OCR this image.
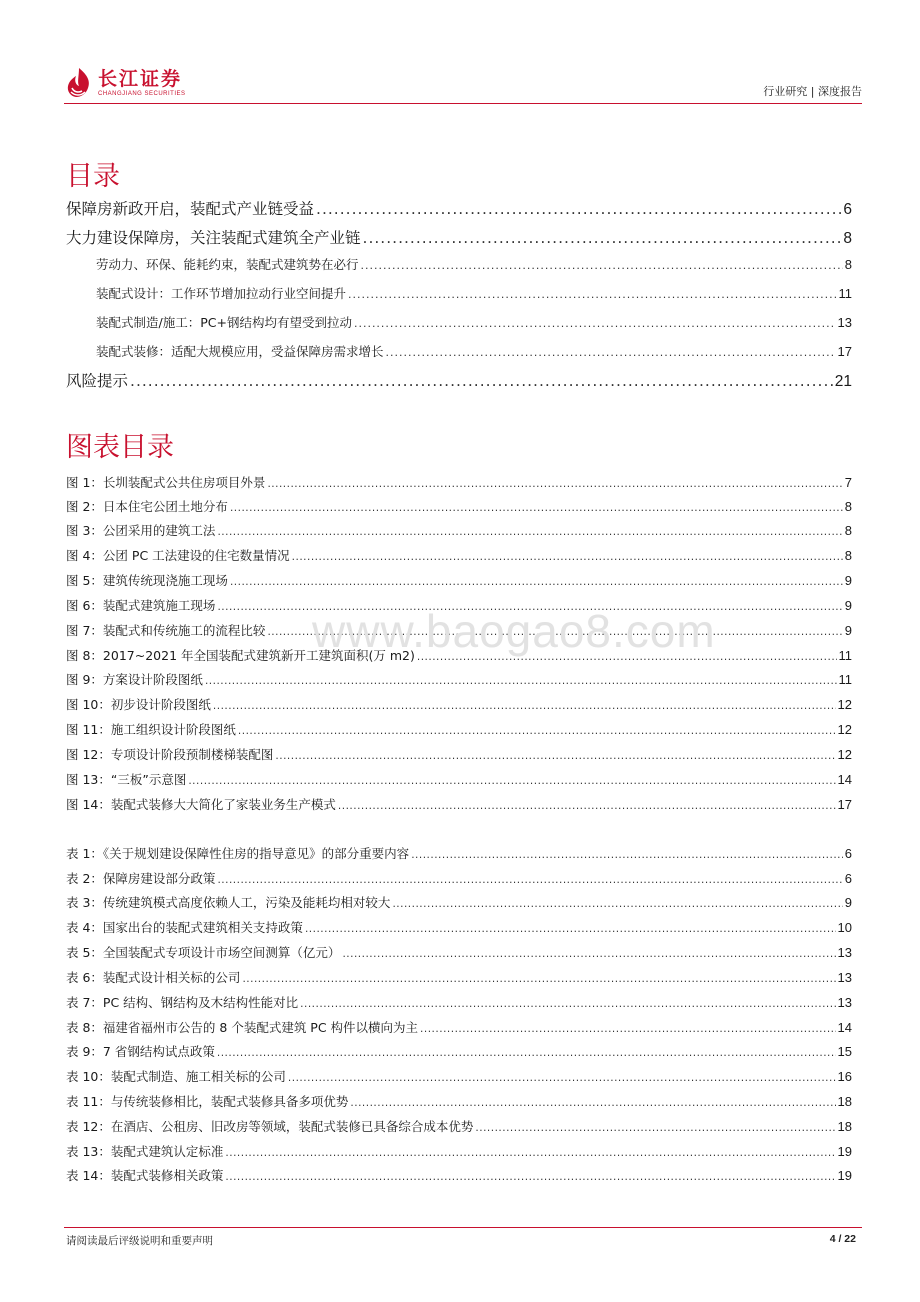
长江证券
CHANGJIANG SECURITIES	行业研究 | 深度报告
目录
保障房新政开启，装配式产业链受益 .....	6
大力建设保障房，关注装配式建筑全产业链 .....	8
劳动力、环保、能耗约束，装配式建筑势在必行 .....	8
装配式设计：工作环节增加拉动行业空间提升 .....	11
装配式制造/施工：PC+钢结构均有望受到拉动 .....	13
装配式装修：适配大规模应用，受益保障房需求增长 .....	17
风险提示 .....	21
图表目录
图 1：长圳装配式公共住房项目外景 .....	7
图 2：日本住宅公团土地分布 .....	8
图 3：公团采用的建筑工法 .....	8
图 4：公团 PC 工法建设的住宅数量情况 .....	8
图 5：建筑传统现浇施工现场 .....	9
图 6：装配式建筑施工现场 .....	9
图 7：装配式和传统施工的流程比较 .....	9
图 8：2017~2021 年全国装配式建筑新开工建筑面积(万 m2) .....	11
图 9：方案设计阶段图纸 .....	11
图 10：初步设计阶段图纸 .....	12
图 11：施工组织设计阶段图纸 .....	12
图 12：专项设计阶段预制楼梯装配图 .....	12
图 13：“三板”示意图 .....	14
图 14：装配式装修大大简化了家装业务生产模式 .....	17
表 1：《关于规划建设保障性住房的指导意见》的部分重要内容 .....	6
表 2：保障房建设部分政策 .....	6
表 3：传统建筑模式高度依赖人工，污染及能耗均相对较大 .....	9
表 4：国家出台的装配式建筑相关支持政策 .....	10
表 5：全国装配式专项设计市场空间测算（亿元） .....	13
表 6：装配式设计相关标的公司 .....	13
表 7：PC 结构、钢结构及木结构性能对比 .....	13
表 8：福建省福州市公告的 8 个装配式建筑 PC 构件以横向为主 .....	14
表 9：7 省钢结构试点政策 .....	15
表 10：装配式制造、施工相关标的公司 .....	16
表 11：与传统装修相比，装配式装修具备多项优势 .....	18
表 12：在酒店、公租房、旧改房等领域，装配式装修已具备综合成本优势 .....	18
表 13：装配式建筑认定标准 .....	19
表 14：装配式装修相关政策 .....	19
www.baogao8.com
请阅读最后评级说明和重要声明	4 / 22
